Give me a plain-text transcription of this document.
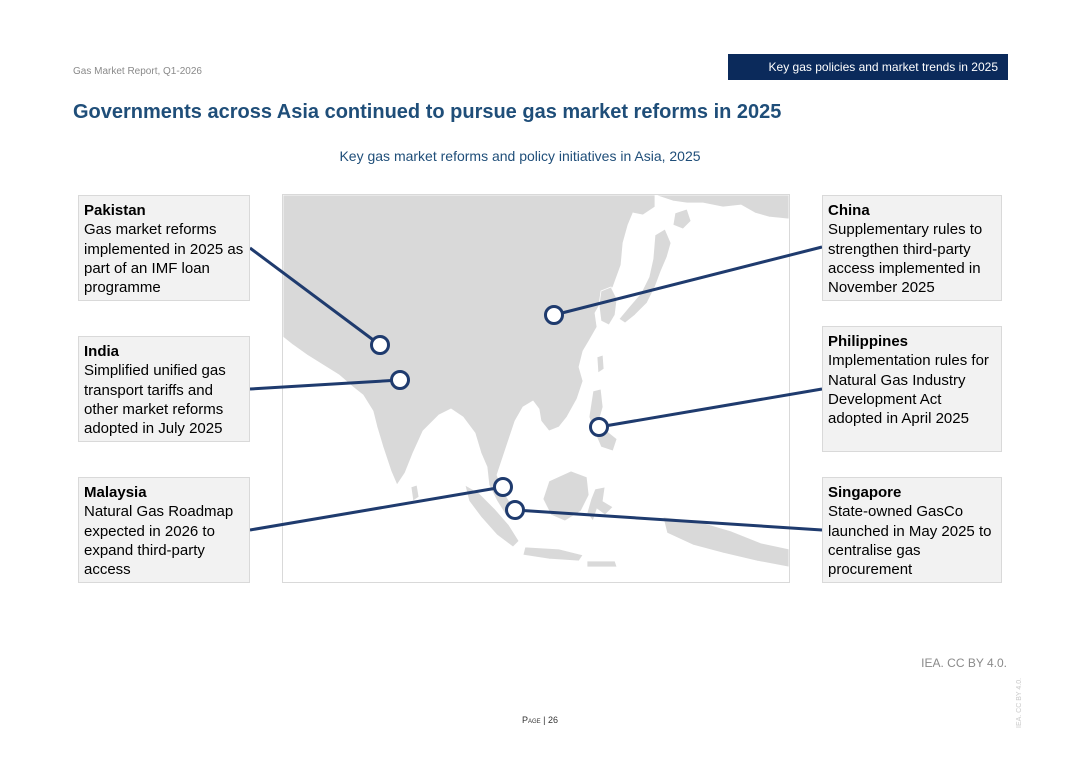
Gas Market Report, Q1-2026	Key gas policies and market trends in 2025
Governments across Asia continued to pursue gas market reforms in 2025
Key gas market reforms and policy initiatives in Asia, 2025
Pakistan
Gas market reforms implemented in 2025 as part of an IMF loan programme
India
Simplified unified gas transport tariffs and other market reforms adopted in July 2025
Malaysia
Natural Gas Roadmap expected in 2026 to expand third-party access
China
Supplementary rules to strengthen third-party access implemented in November 2025
Philippines
Implementation rules for Natural Gas Industry Development Act adopted in April 2025
Singapore
State-owned GasCo launched in May 2025 to centralise gas procurement
IEA. CC BY 4.0.
IEA. CC BY 4.0.
Page | 26
